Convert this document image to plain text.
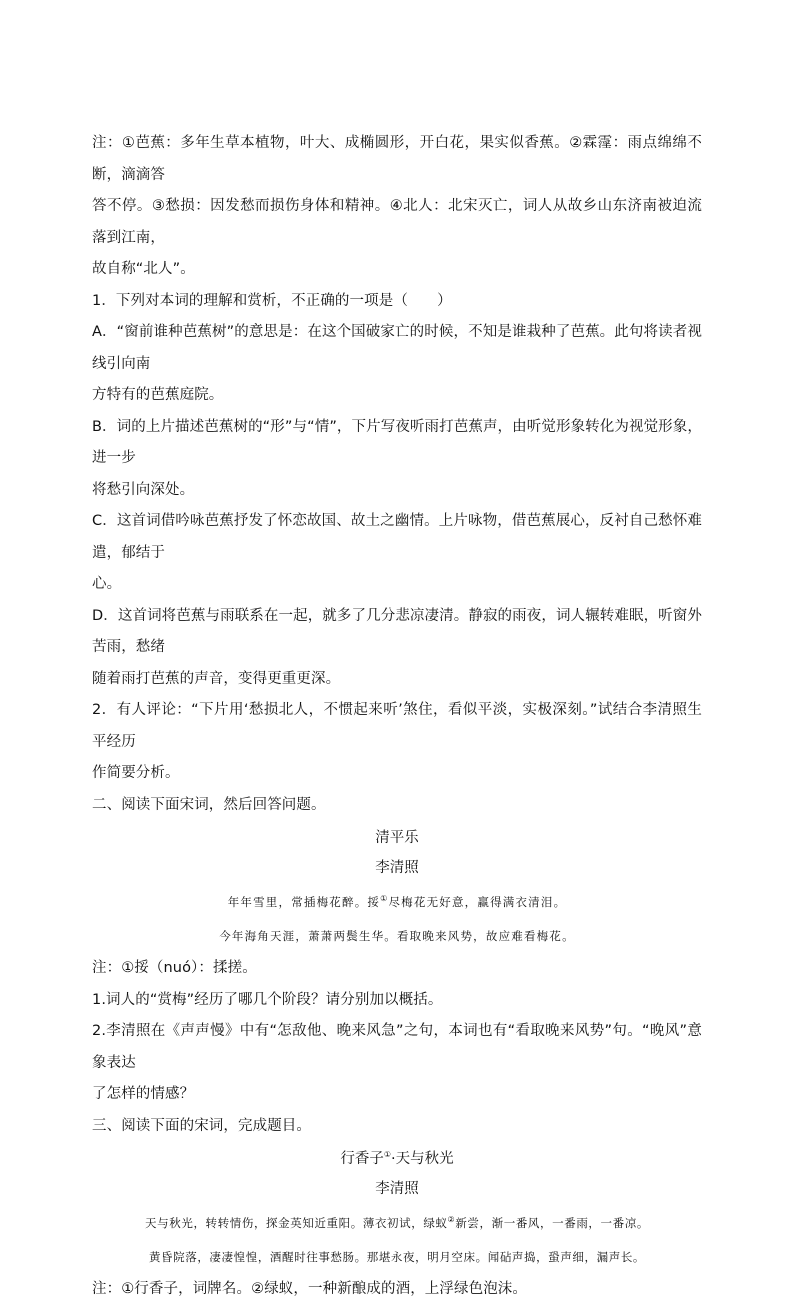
注：①芭蕉：多年生草本植物，叶大、成椭圆形，开白花，果实似香蕉。②霖霪：雨点绵绵不断，滴滴答

答不停。③愁损：因发愁而损伤身体和精神。④北人：北宋灭亡，词人从故乡山东济南被迫流落到江南，

故自称“北人”。

1．下列对本词的理解和赏析，不正确的一项是（　　）

A．“窗前谁种芭蕉树”的意思是：在这个国破家亡的时候，不知是谁栽种了芭蕉。此句将读者视线引向南

方特有的芭蕉庭院。

B．词的上片描述芭蕉树的“形”与“情”，下片写夜听雨打芭蕉声，由听觉形象转化为视觉形象，进一步

将愁引向深处。

C．这首词借吟咏芭蕉抒发了怀恋故国、故土之幽情。上片咏物，借芭蕉展心，反衬自己愁怀难遣，郁结于

心。

D．这首词将芭蕉与雨联系在一起，就多了几分悲凉凄清。静寂的雨夜，词人辗转难眠，听窗外苦雨，愁绪

随着雨打芭蕉的声音，变得更重更深。

2．有人评论：“下片用‘愁损北人，不惯起来听’煞住，看似平淡，实极深刻。”试结合李清照生平经历

作简要分析。

二、阅读下面宋词，然后回答问题。

清平乐

李清照

年年雪里，常插梅花醉。挼①尽梅花无好意，赢得满衣清泪。

今年海角天涯，萧萧两鬓生华。看取晚来风势，故应难看梅花。

注：①挼（nuó）：揉搓。

1.词人的“赏梅”经历了哪几个阶段？请分别加以概括。

2.李清照在《声声慢》中有“怎敌他、晚来风急”之句，本词也有“看取晚来风势”句。“晚风”意象表达

了怎样的情感？

三、阅读下面的宋词，完成题目。

行香子①·天与秋光

李清照

天与秋光，转转情伤，探金英知近重阳。薄衣初试，绿蚁②新尝，渐一番风，一番雨，一番凉。

黄昏院落，凄凄惶惶，酒醒时往事愁肠。那堪永夜，明月空床。闻砧声捣，蛩声细，漏声长。

注：①行香子，词牌名。②绿蚁，一种新酿成的酒，上浮绿色泡沫。
